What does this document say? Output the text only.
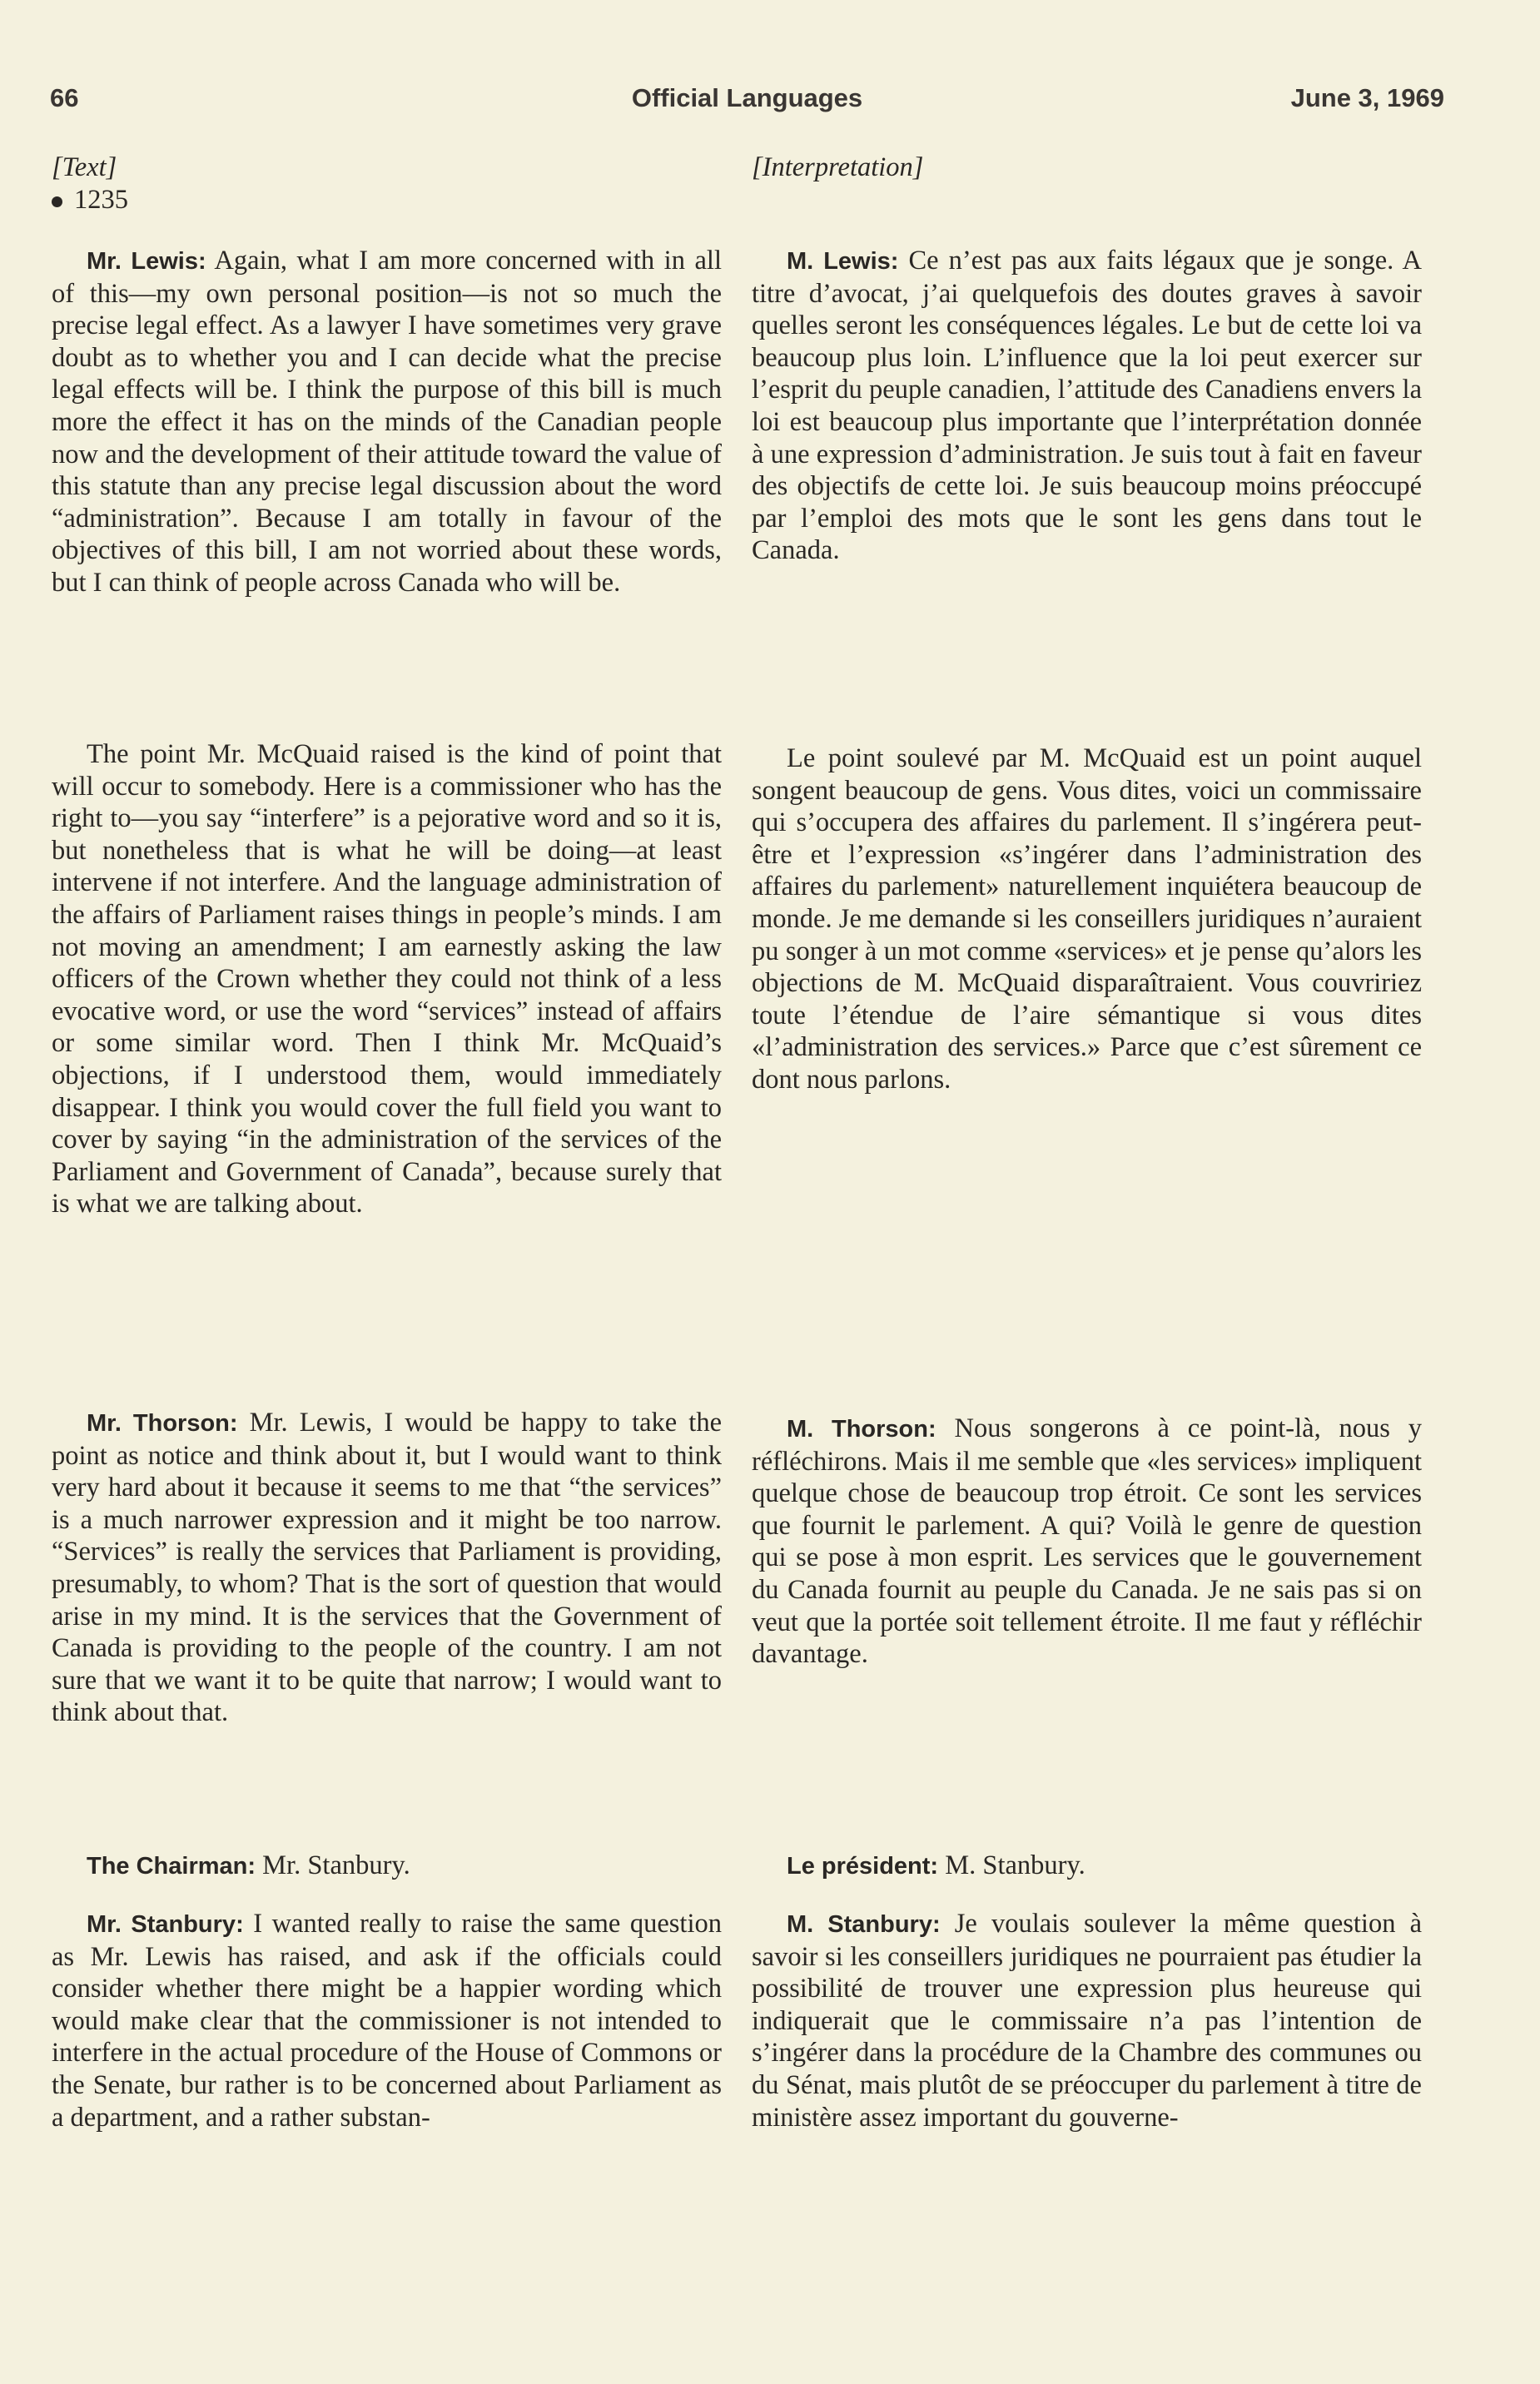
66	Official Languages	June 3, 1969

[Text]

1235

Mr. Lewis: Again, what I am more concerned with in all of this—my own personal position—is not so much the precise legal effect. As a lawyer I have sometimes very grave doubt as to whether you and I can decide what the precise legal effects will be. I think the purpose of this bill is much more the effect it has on the minds of the Canadian people now and the development of their attitude toward the value of this statute than any precise legal discussion about the word “administration”. Because I am totally in favour of the objectives of this bill, I am not worried about these words, but I can think of people across Canada who will be.

The point Mr. McQuaid raised is the kind of point that will occur to somebody. Here is a commissioner who has the right to—you say “interfere” is a pejorative word and so it is, but nonetheless that is what he will be doing—at least intervene if not interfere. And the language administration of the affairs of Parliament raises things in people’s minds. I am not moving an amendment; I am earnestly asking the law officers of the Crown whether they could not think of a less evocative word, or use the word “services” instead of affairs or some similar word. Then I think Mr. McQuaid’s objections, if I understood them, would immediately disappear. I think you would cover the full field you want to cover by saying “in the administration of the services of the Parliament and Government of Canada”, because surely that is what we are talking about.

Mr. Thorson: Mr. Lewis, I would be happy to take the point as notice and think about it, but I would want to think very hard about it because it seems to me that “the services” is a much narrower expression and it might be too narrow. “Services” is really the services that Parliament is providing, presumably, to whom? That is the sort of question that would arise in my mind. It is the services that the Government of Canada is providing to the people of the country. I am not sure that we want it to be quite that narrow; I would want to think about that.

The Chairman: Mr. Stanbury.

Mr. Stanbury: I wanted really to raise the same question as Mr. Lewis has raised, and ask if the officials could consider whether there might be a happier wording which would make clear that the commissioner is not intended to interfere in the actual procedure of the House of Commons or the Senate, bur rather is to be concerned about Parliament as a department, and a rather substan-

[Interpretation]

M. Lewis: Ce n’est pas aux faits légaux que je songe. A titre d’avocat, j’ai quelquefois des doutes graves à savoir quelles seront les conséquences légales. Le but de cette loi va beaucoup plus loin. L’influence que la loi peut exercer sur l’esprit du peuple canadien, l’attitude des Canadiens envers la loi est beaucoup plus importante que l’interprétation donnée à une expression d’administration. Je suis tout à fait en faveur des objectifs de cette loi. Je suis beaucoup moins préoccupé par l’emploi des mots que le sont les gens dans tout le Canada.

Le point soulevé par M. McQuaid est un point auquel songent beaucoup de gens. Vous dites, voici un commissaire qui s’occupera des affaires du parlement. Il s’ingérera peut-être et l’expression «s’ingérer dans l’administration des affaires du parlement» naturellement inquiétera beaucoup de monde. Je me demande si les conseillers juridiques n’auraient pu songer à un mot comme «services» et je pense qu’alors les objections de M. McQuaid disparaîtraient. Vous couvririez toute l’étendue de l’aire sémantique si vous dites «l’administration des services.» Parce que c’est sûrement ce dont nous parlons.

M. Thorson: Nous songerons à ce point-là, nous y réfléchirons. Mais il me semble que «les services» impliquent quelque chose de beaucoup trop étroit. Ce sont les services que fournit le parlement. A qui? Voilà le genre de question qui se pose à mon esprit. Les services que le gouvernement du Canada fournit au peuple du Canada. Je ne sais pas si on veut que la portée soit tellement étroite. Il me faut y réfléchir davantage.

Le président: M. Stanbury.

M. Stanbury: Je voulais soulever la même question à savoir si les conseillers juridiques ne pourraient pas étudier la possibilité de trouver une expression plus heureuse qui indiquerait que le commissaire n’a pas l’intention de s’ingérer dans la procédure de la Chambre des communes ou du Sénat, mais plutôt de se préoccuper du parlement à titre de ministère assez important du gouverne-
